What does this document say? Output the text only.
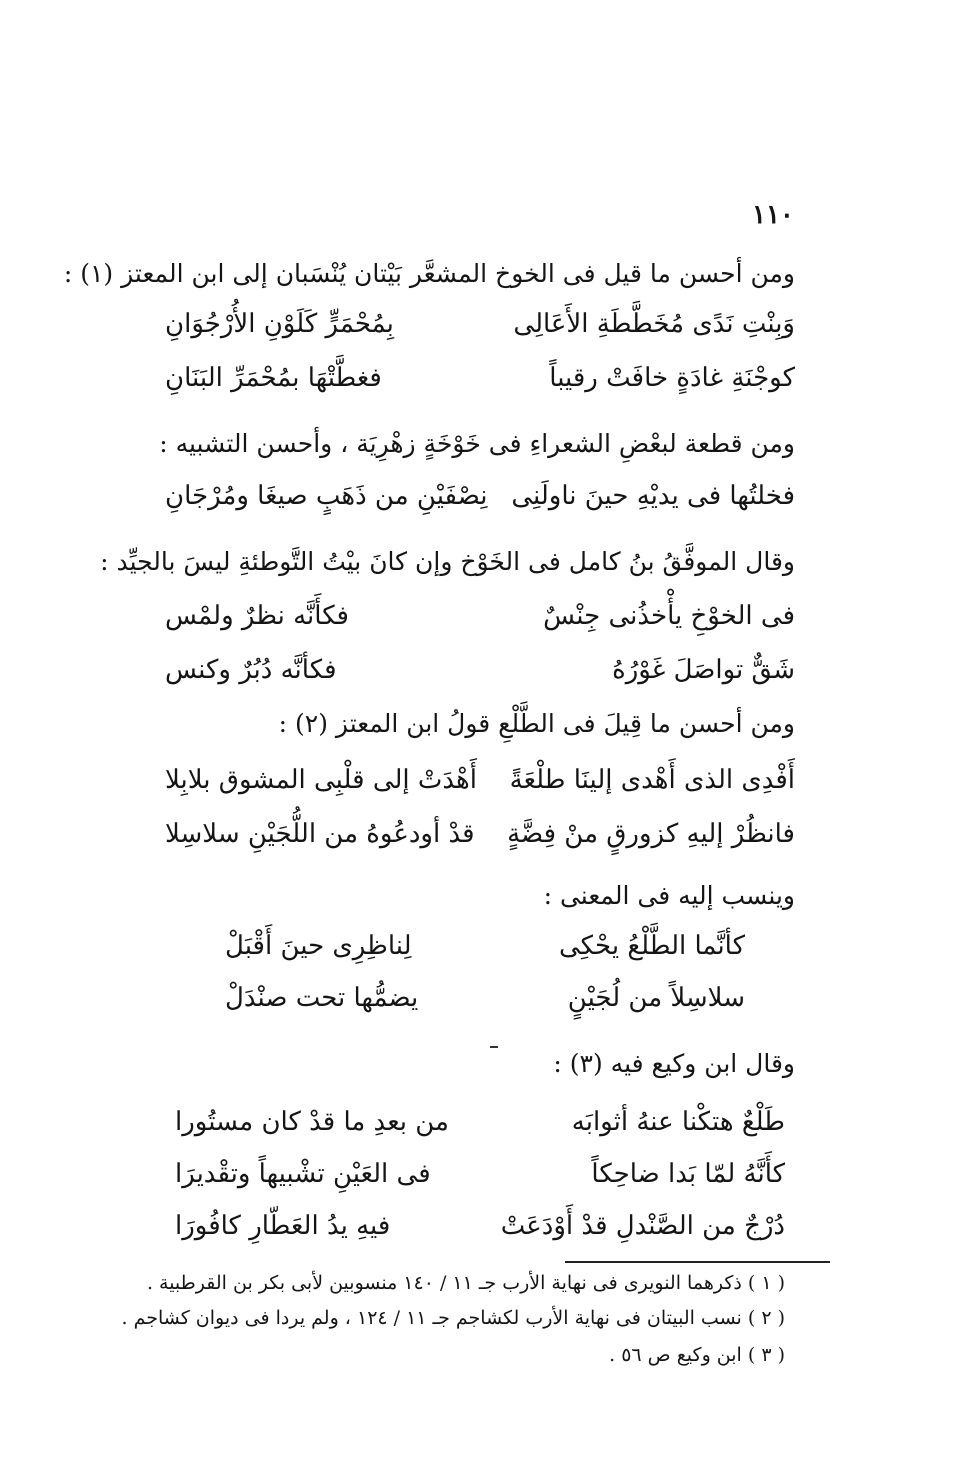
١١٠
ومن أحسن ما قيل فى الخوخ المشعَّر بَيْتان يُنْسَبان إلى ابن المعتز (١) :
وَبِنْتِ نَدًى مُخَطَّطَةِ الأَعَالِى
بِمُحْمَرٍّ كَلَوْنِ الأُرْجُوَانِ
كوجْنَةِ غادَةٍ خافَتْ رقيباً
فغطَّتْهَا بمُحْمَرِّ البَنَانِ
ومن قطعة لبعْضِ الشعراءِ فى خَوْخَةٍ زهْرِيَة ، وأحسن التشبيه :
فخلتُها فى يديْهِ حينَ ناولَنِى
نِصْفَيْنِ من ذَهَبٍ صيغَا ومُرْجَانِ
وقال الموفَّقُ بنُ كامل فى الخَوْخ وإن كانَ بيْتُ التَّوطئةِ ليسَ بالجيِّد :
فى الخوْخِ يأْخذُنى جِنْسٌ
فكأَنَّه نظرٌ ولمْس
شَقٌّ تواصَلَ غَوْرُهُ
فكأنَّه دُبُرٌ وكنس
ومن أحسن ما قِيلَ فى الطَّلْعِ قولُ ابن المعتز (٢) :
أَفْدِى الذى أَهْدى إلينَا طلْعَةً
أَهْدَتْ إلى قلْبِى المشوق بلابِلا
فانظُرْ إليهِ كزورقٍ منْ فِضَّةٍ
قدْ أودعُوهُ من اللُّجَيْنِ سلاسِلا
وينسب إليه فى المعنى :
كأنَّما الطَّلْعُ يحْكِى
لِناظِرِى حينَ أَقْبَلْ
سلاسِلاً من لُجَيْنٍ
يضمُّها تحت صنْدَلْ
وقال ابن وكيع فيه (٣) :
طَلْعٌ هتكْنا عنهُ أثوابَه
من بعدِ ما قدْ كان مستُورا
كأَنَّهُ لمّا بَدا ضاحِكاً
فى العَيْنِ تشْبيهاً وتقْديرَا
دُرْجٌ من الصَّنْدلِ قدْ أَوْدَعَتْ
فيهِ يدُ العَطّارِ كافُورَا
( ١ ) ذكرهما النويرى فى نهاية الأرب جـ ١١ / ١٤٠ منسوبين لأبى بكر بن القرطبية .
( ٢ ) نسب البيتان فى نهاية الأرب لكشاجم جـ ١١ / ١٢٤ ، ولم يردا فى ديوان كشاجم .
( ٣ ) ابن وكيع ص ٥٦ .
